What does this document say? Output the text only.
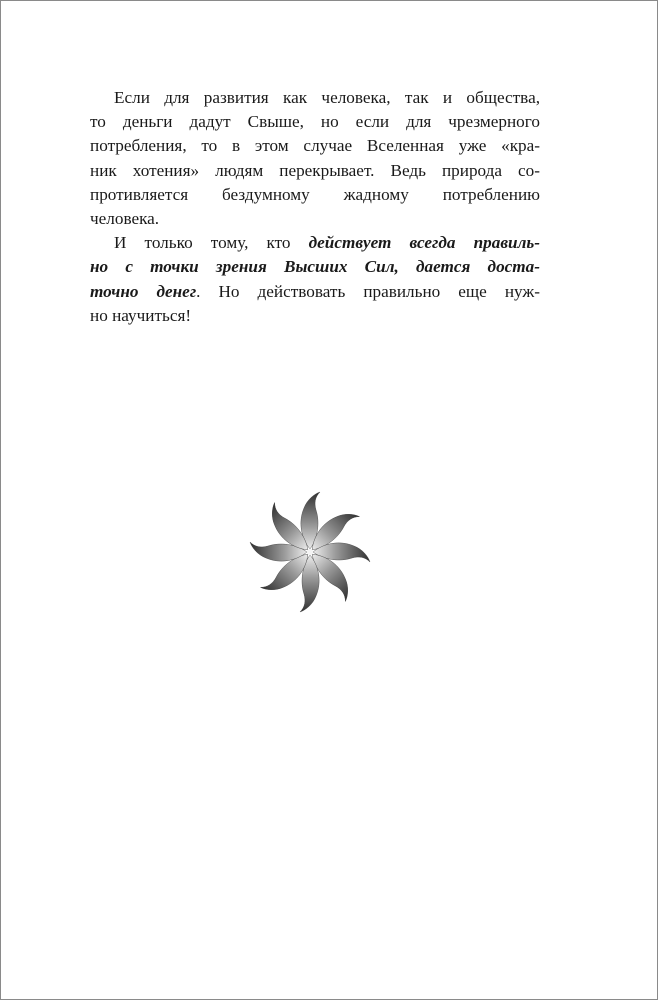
Если для развития как человека, так и общества,
то деньги дадут Свыше, но если для чрезмерного
потребления, то в этом случае Вселенная уже «кра-
ник хотения» людям перекрывает. Ведь природа со-
противляется бездумному жадному потреблению
человека.
И только тому, кто действует всегда правиль-
но с точки зрения Высших Сил, дается доста-
точно денег. Но действовать правильно еще нуж-
но научиться!
